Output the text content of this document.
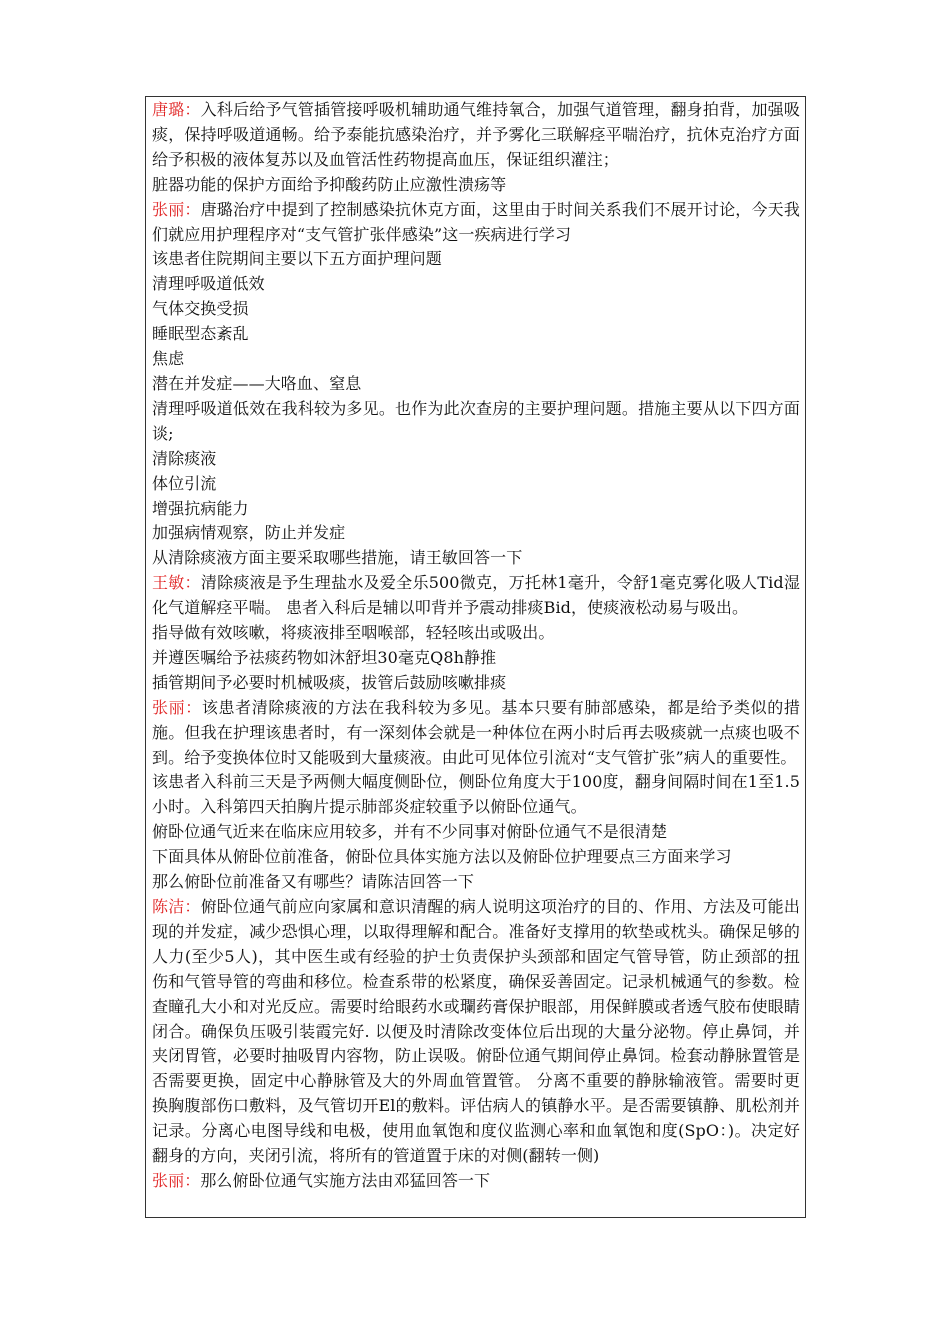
唐璐：入科后给予气管插管接呼吸机辅助通气维持氧合，加强气道管理，翻身拍背，加强吸痰，保持呼吸道通畅。给予泰能抗感染治疗，并予雾化三联解痉平喘治疗，抗休克治疗方面给予积极的液体复苏以及血管活性药物提高血压，保证组织灌注；

脏器功能的保护方面给予抑酸药防止应激性溃疡等

张丽：唐璐治疗中提到了控制感染抗休克方面，这里由于时间关系我们不展开讨论，今天我们就应用护理程序对“支气管扩张伴感染”这一疾病进行学习

该患者住院期间主要以下五方面护理问题

清理呼吸道低效

气体交换受损

睡眠型态紊乱

焦虑

潜在并发症——大咯血、窒息

清理呼吸道低效在我科较为多见。也作为此次查房的主要护理问题。措施主要从以下四方面谈;

清除痰液

体位引流

增强抗病能力

加强病情观察，防止并发症

从清除痰液方面主要采取哪些措施，请王敏回答一下

王敏：清除痰液是予生理盐水及爱全乐500微克，万托林1毫升，令舒1毫克雾化吸人Tid湿化气道解痉平喘。 患者入科后是辅以叩背并予震动排痰Bid，使痰液松动易与吸出。

指导做有效咳嗽，将痰液排至咽喉部，轻轻咳出或吸出。

并遵医嘱给予祛痰药物如沐舒坦30毫克Q8h静推

插管期间予必要时机械吸痰，拔管后鼓励咳嗽排痰

张丽：该患者清除痰液的方法在我科较为多见。基本只要有肺部感染，都是给予类似的措施。但我在护理该患者时，有一深刻体会就是一种体位在两小时后再去吸痰就一点痰也吸不到。给予变换体位时又能吸到大量痰液。由此可见体位引流对“支气管扩张”病人的重要性。

该患者入科前三天是予两侧大幅度侧卧位，侧卧位角度大于100度，翻身间隔时间在1至1.5小时。入科第四天拍胸片提示肺部炎症较重予以俯卧位通气。

俯卧位通气近来在临床应用较多，并有不少同事对俯卧位通气不是很清楚

下面具体从俯卧位前准备，俯卧位具体实施方法以及俯卧位护理要点三方面来学习

那么俯卧位前准备又有哪些？请陈洁回答一下

陈洁：俯卧位通气前应向家属和意识清醒的病人说明这项治疗的目的、作用、方法及可能出现的并发症，减少恐惧心理，以取得理解和配合。准备好支撑用的软垫或枕头。确保足够的人力(至少5人)，其中医生或有经验的护士负责保护头颈部和固定气管导管，防止颈部的扭伤和气管导管的弯曲和移位。检查系带的松紧度，确保妥善固定。记录机械通气的参数。检查瞳孔大小和对光反应。需要时给眼药水或瓓药膏保护眼部，用保鲜膜或者透气胶布使眼睛闭合。确保负压吸引装霞完好. 以便及时清除改变体位后出现的大量分泌物。停止鼻饲，并夹闭胃管，必要时抽吸胃内容物，防止误吸。俯卧位通气期间停止鼻饲。检套动静脉置管是否需要更换，固定中心静脉管及大的外周血管置管。 分离不重要的静脉输液管。需要时更换胸腹部伤口敷料，及气管切开El的敷料。评估病人的镇静水平。是否需要镇静、肌松剂并记录。分离心电图导线和电极，使用血氧饱和度仪监测心率和血氧饱和度(SpO：)。决定好翻身的方向，夹闭引流，将所有的管道置于床的对侧(翻转一侧)

张丽：那么俯卧位通气实施方法由邓猛回答一下
